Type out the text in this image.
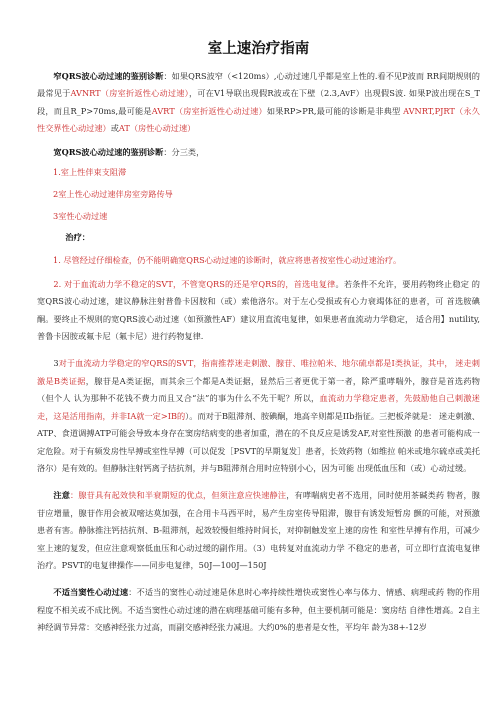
室上速治疗指南

窄QRS波心动过速的鉴别诊断：如果QRS波窄（<120ms）,心动过速几乎都是室上性的.看不见P波而 RR间期规则的最常见于AVNRT（房室折返性心动过速），可在V1导联出现假R波或在下壁（2.3,AvF）出现假S波. 如果P波出现在S_T段，而且R_P>70ms,最可能是AVRT（房室折返性心动过速）如果RP>PR,最可能的诊断是非典型 AVNRT,PJRT（永久性交界性心动过速）或AT（房性心动过速）

宽QRS波心动过速的鉴别诊断：分三类，

1.室上性伴束支阻滞

2室上性心动过速伴房室旁路传导

3室性心动过速

治疗：

1. 尽管经过仔细检查，仍不能明确宽QRS心动过速的诊断时，就应将患者按室性心动过速治疗。

2. 对于血流动力学不稳定的SVT，不管宽QRS的还是窄QRS的，首选电复律。若条件不允许，要用药物终止稳定 的宽QRS波心动过速，建议静脉注射普鲁卡因胺和（或）索他洛尔。对于左心受损或有心力衰竭体征的患者，可 首选胺碘酮。要终止不规则的宽QRS波心动过速（如预激性AF）建议用直流电复律，如果患者血流动力学稳定， 适合用】nutility,普鲁卡因胺或氟卡尼（氟卡尼）进行药物复律.

3对于血流动力学稳定的窄QRS的SVT，指南推荐迷走刺激、腺苷、唯拉帕米、地尔硫卓都是I类执证，其中， 迷走刺激是B类证据，腺苷是A类证据，而其余三个都是A类证据，显然后三者更优于第一者，除严重哮喘外，腺苷是首选药物（但个人 认为那种不花钱不费力而且又合“法”的事为什么不先干呢？所以，血流动力学稳定患者，先鼓励他自己刺激迷 走，这是活用指南，并非IA就一定>IB的）。而对于B阻滞剂、胺碘酮，地高辛则都是IIb指征。三把板斧就是： 迷走刺激、ATP、食道调搏ATP可能会导致本身存在窦房结病变的患者加重，潜在的不良反应是诱发AF,对室性预激 的患者可能构成一定危险。对于有频发房性早搏或室性早搏（可以促发［PSVT的早期复发］患者，长效药物（如维拉 帕米或地尔硫卓或美托洛尔）是有效的。但静脉注射钙离子拮抗剂，并与B阻滞剂合用时应特别小心，因为可能 出现低血压和（或）心动过缓。

注意：腺苷具有起效快和半衰期短的优点，但须注意应快速静注，有哮喘病史者不选用，同时使用茶碱类药 物者，腺苷应增量，腺苷作用会被双嘧达莫加强，在合用卡马西平时，易产生房室传导阻滞，腺苷有诱发短暂房 颤的可能，对预激患者有害。静脉推注钙拮抗剂、B-阻滞剂，起效较慢但维持时间长，对抑制触发室上速的房性 和室性早搏有作用，可减少室上速的复发，但应注意观察低血压和心动过缓的副作用。（3）电转复对血流动力学 不稳定的患者，可立即行直流电复律治疗。PSVT的电复律操作——同步电复律，50J—100J—150J

不适当窦性心动过速：不适当的窦性心动过速是休息时心率持续性增快或窦性心率与体力、情感、病理或药 物的作用程度不相关或不成比例。不适当窦性心动过速的潜在病理基础可能有多种，但主要机制可能是：窦房结 自律性增高。2自主神经调节异常：交感神经张力过高，而副交感神经张力减退。大约0%的患者是女性，平均年 龄为38+-12岁
